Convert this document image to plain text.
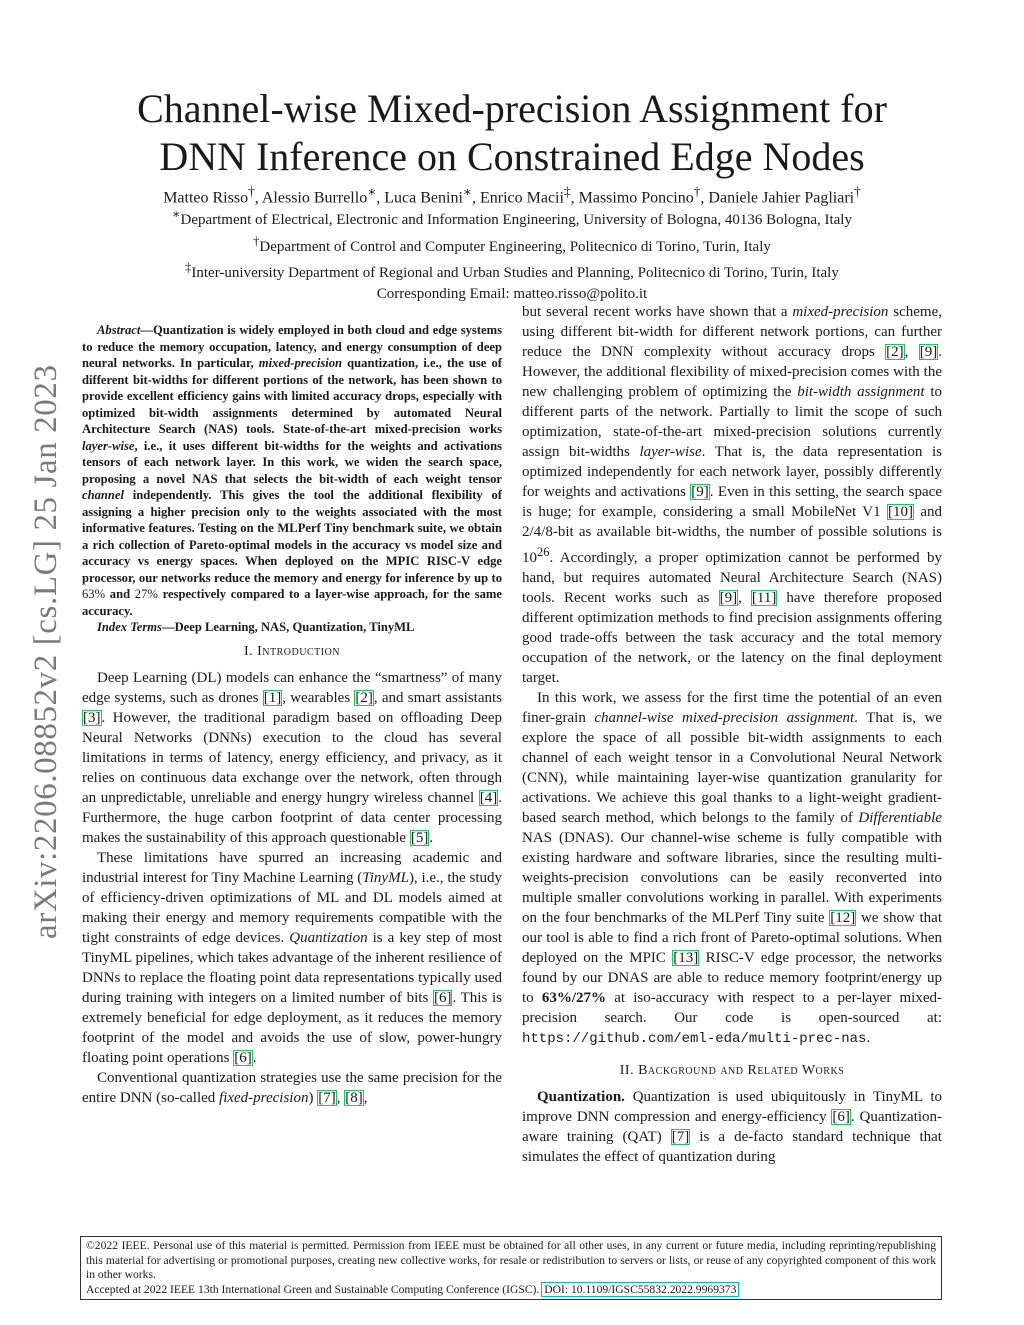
arXiv:2206.08852v2 [cs.LG] 25 Jan 2023
Channel-wise Mixed-precision Assignment for
DNN Inference on Constrained Edge Nodes
Matteo Risso†, Alessio Burrello∗, Luca Benini∗, Enrico Macii‡, Massimo Poncino†, Daniele Jahier Pagliari†
∗Department of Electrical, Electronic and Information Engineering, University of Bologna, 40136 Bologna, Italy
†Department of Control and Computer Engineering, Politecnico di Torino, Turin, Italy
‡Inter-university Department of Regional and Urban Studies and Planning, Politecnico di Torino, Turin, Italy
Corresponding Email: matteo.risso@polito.it

Abstract—Quantization is widely employed in both cloud and edge systems to reduce the memory occupation, latency, and energy consumption of deep neural networks. In particular, mixed-precision quantization, i.e., the use of different bit-widths for different portions of the network, has been shown to provide excellent efficiency gains with limited accuracy drops, especially with optimized bit-width assignments determined by automated Neural Architecture Search (NAS) tools. State-of-the-art mixed-precision works layer-wise, i.e., it uses different bit-widths for the weights and activations tensors of each network layer. In this work, we widen the search space, proposing a novel NAS that selects the bit-width of each weight tensor channel independently. This gives the tool the additional flexibility of assigning a higher precision only to the weights associated with the most informative features. Testing on the MLPerf Tiny benchmark suite, we obtain a rich collection of Pareto-optimal models in the accuracy vs model size and accuracy vs energy spaces. When deployed on the MPIC RISC-V edge processor, our networks reduce the memory and energy for inference by up to 63% and 27% respectively compared to a layer-wise approach, for the same accuracy.

Index Terms—Deep Learning, NAS, Quantization, TinyML

I. Introduction

Deep Learning (DL) models can enhance the “smartness” of many edge systems, such as drones [1], wearables [2], and smart assistants [3]. However, the traditional paradigm based on offloading Deep Neural Networks (DNNs) execution to the cloud has several limitations in terms of latency, energy efficiency, and privacy, as it relies on continuous data exchange over the network, often through an unpredictable, unreliable and energy hungry wireless channel [4]. Furthermore, the huge carbon footprint of data center processing makes the sustainability of this approach questionable [5].

These limitations have spurred an increasing academic and industrial interest for Tiny Machine Learning (TinyML), i.e., the study of efficiency-driven optimizations of ML and DL models aimed at making their energy and memory requirements compatible with the tight constraints of edge devices. Quantization is a key step of most TinyML pipelines, which takes advantage of the inherent resilience of DNNs to replace the floating point data representations typically used during training with integers on a limited number of bits [6]. This is extremely beneficial for edge deployment, as it reduces the memory footprint of the model and avoids the use of slow, power-hungry floating point operations [6].

Conventional quantization strategies use the same precision for the entire DNN (so-called fixed-precision) [7], [8],

but several recent works have shown that a mixed-precision scheme, using different bit-width for different network portions, can further reduce the DNN complexity without accuracy drops [2], [9]. However, the additional flexibility of mixed-precision comes with the new challenging problem of optimizing the bit-width assignment to different parts of the network. Partially to limit the scope of such optimization, state-of-the-art mixed-precision solutions currently assign bit-widths layer-wise. That is, the data representation is optimized independently for each network layer, possibly differently for weights and activations [9]. Even in this setting, the search space is huge; for example, considering a small MobileNet V1 [10] and 2/4/8-bit as available bit-widths, the number of possible solutions is $10^{26}$. Accordingly, a proper optimization cannot be performed by hand, but requires automated Neural Architecture Search (NAS) tools. Recent works such as [9], [11] have therefore proposed different optimization methods to find precision assignments offering good trade-offs between the task accuracy and the total memory occupation of the network, or the latency on the final deployment target.

In this work, we assess for the first time the potential of an even finer-grain channel-wise mixed-precision assignment. That is, we explore the space of all possible bit-width assignments to each channel of each weight tensor in a Convolutional Neural Network (CNN), while maintaining layer-wise quantization granularity for activations. We achieve this goal thanks to a light-weight gradient-based search method, which belongs to the family of Differentiable NAS (DNAS). Our channel-wise scheme is fully compatible with existing hardware and software libraries, since the resulting multi-weights-precision convolutions can be easily reconverted into multiple smaller convolutions working in parallel. With experiments on the four benchmarks of the MLPerf Tiny suite [12] we show that our tool is able to find a rich front of Pareto-optimal solutions. When deployed on the MPIC [13] RISC-V edge processor, the networks found by our DNAS are able to reduce memory footprint/energy up to 63%/27% at iso-accuracy with respect to a per-layer mixed-precision search. Our code is open-sourced at: https://github.com/eml-eda/multi-prec-nas.

II. Background and Related Works

Quantization. Quantization is used ubiquitously in TinyML to improve DNN compression and energy-efficiency [6]. Quantization-aware training (QAT) [7] is a de-facto standard technique that simulates the effect of quantization during

©2022 IEEE. Personal use of this material is permitted. Permission from IEEE must be obtained for all other uses, in any current or future media, including reprinting/republishing this material for advertising or promotional purposes, creating new collective works, for resale or redistribution to servers or lists, or reuse of any copyrighted component of this work in other works.
Accepted at 2022 IEEE 13th International Green and Sustainable Computing Conference (IGSC). DOI: 10.1109/IGSC55832.2022.9969373
